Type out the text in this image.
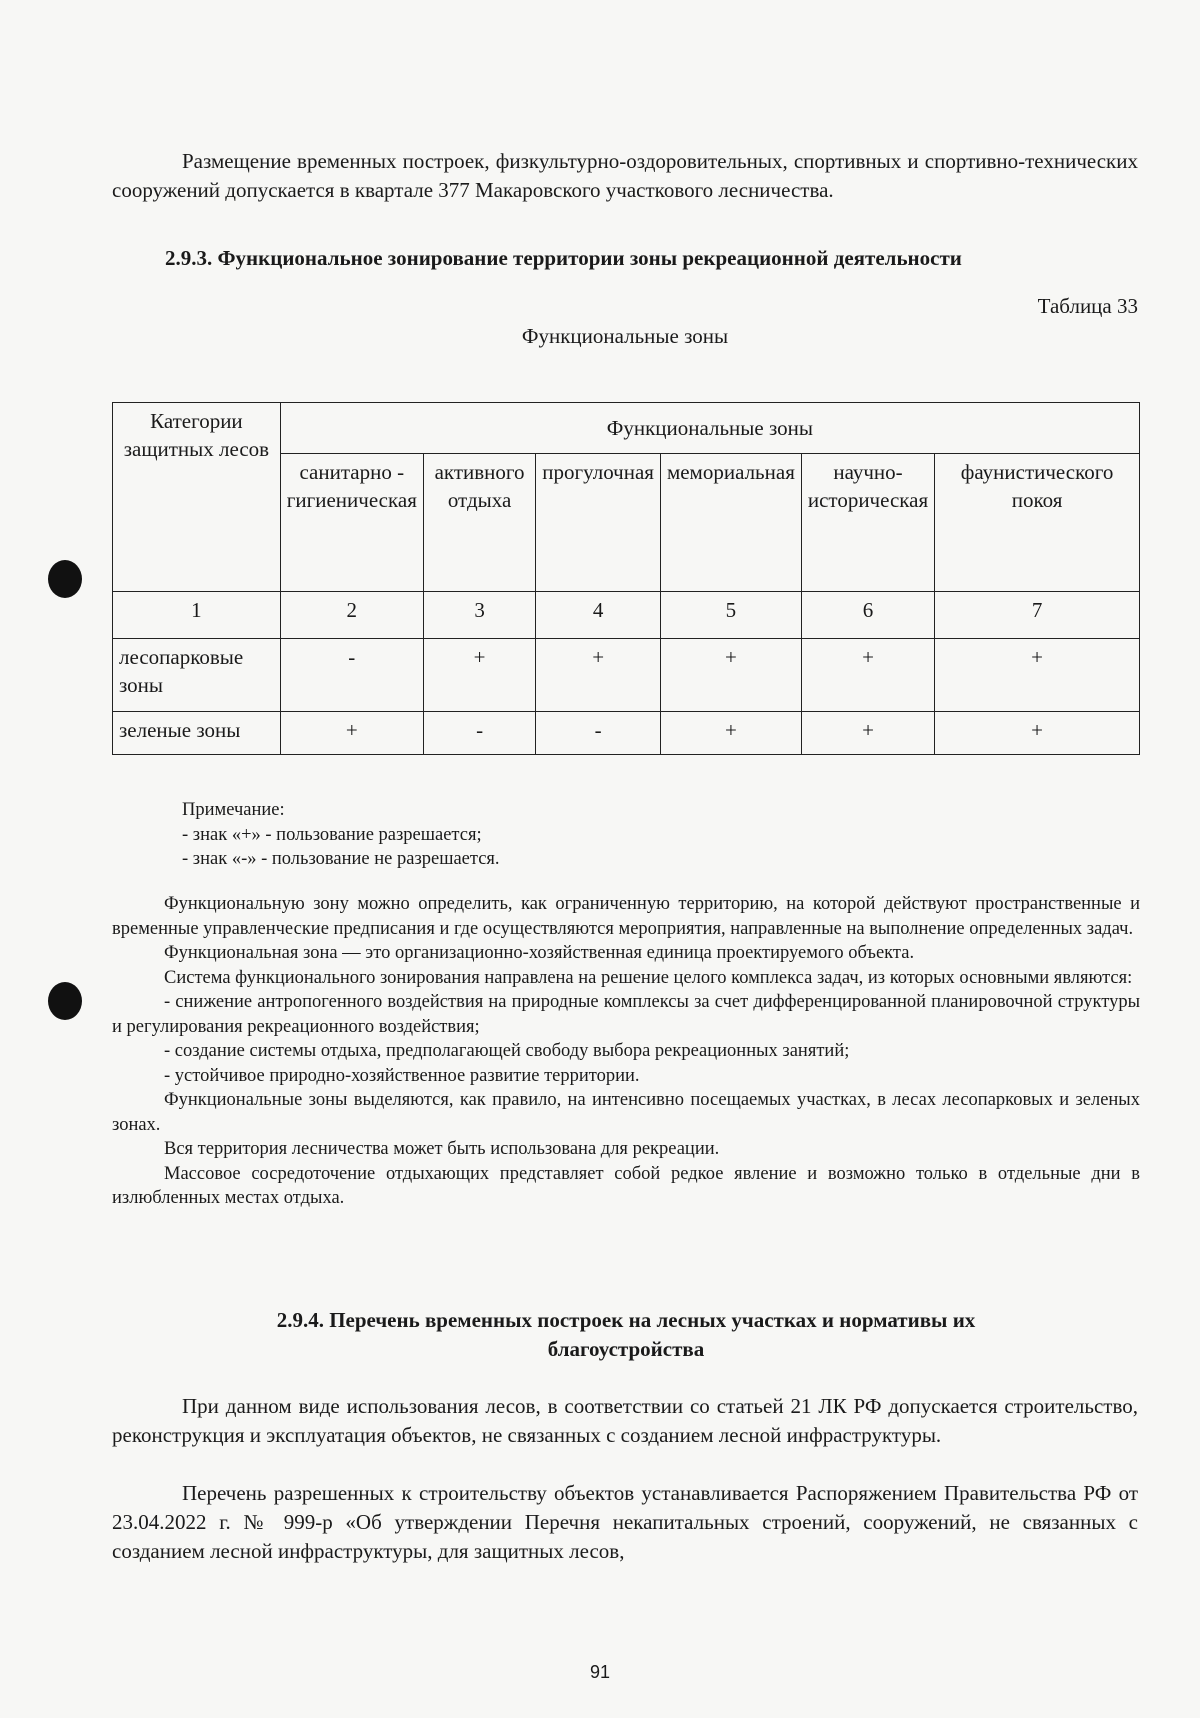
Размещение временных построек, физкультурно-оздоровительных, спортивных и спортивно-технических сооружений допускается в квартале 377 Макаровского участкового лесничества.

2.9.3. Функциональное зонирование территории зоны рекреационной деятельности

Таблица 33

Функциональные зоны

Категории защитных лесов	Функциональные зоны					
	санитарно - гигиеническая	активного отдыха	прогулочная	мемориальная	научно-историческая	фаунистического покоя
1	2	3	4	5	6	7
лесопарковые зоны	-	+	+	+	+	+
зеленые зоны	+	-	-	+	+	+
Примечание:
- знак «+» - пользование разрешается;
- знак «-» - пользование не разрешается.
Функциональную зону можно определить, как ограниченную территорию, на которой действуют пространственные и временные управленческие предписания и где осуществляются мероприятия, направленные на выполнение определенных задач.
Функциональная зона — это организационно-хозяйственная единица проектируемого объекта.
Система функционального зонирования направлена на решение целого комплекса задач, из которых основными являются:
- снижение антропогенного воздействия на природные комплексы за счет дифференцированной планировочной структуры и регулирования рекреационного воздействия;
- создание системы отдыха, предполагающей свободу выбора рекреационных занятий;
- устойчивое природно-хозяйственное развитие территории.
Функциональные зоны выделяются, как правило, на интенсивно посещаемых участках, в лесах лесопарковых и зеленых зонах.
Вся территория лесничества может быть использована для рекреации.
Массовое сосредоточение отдыхающих представляет собой редкое явление и возможно только в отдельные дни в излюбленных местах отдыха.
2.9.4. Перечень временных построек на лесных участках и нормативы их
благоустройства

При данном виде использования лесов, в соответствии со статьей 21 ЛК РФ допускается строительство, реконструкция и эксплуатация объектов, не связанных с созданием лесной инфраструктуры.

Перечень разрешенных к строительству объектов устанавливается Распоряжением Правительства РФ от 23.04.2022 г. № 999-р «Об утверждении Перечня некапитальных строений, сооружений, не связанных с созданием лесной инфраструктуры, для защитных лесов,

91
